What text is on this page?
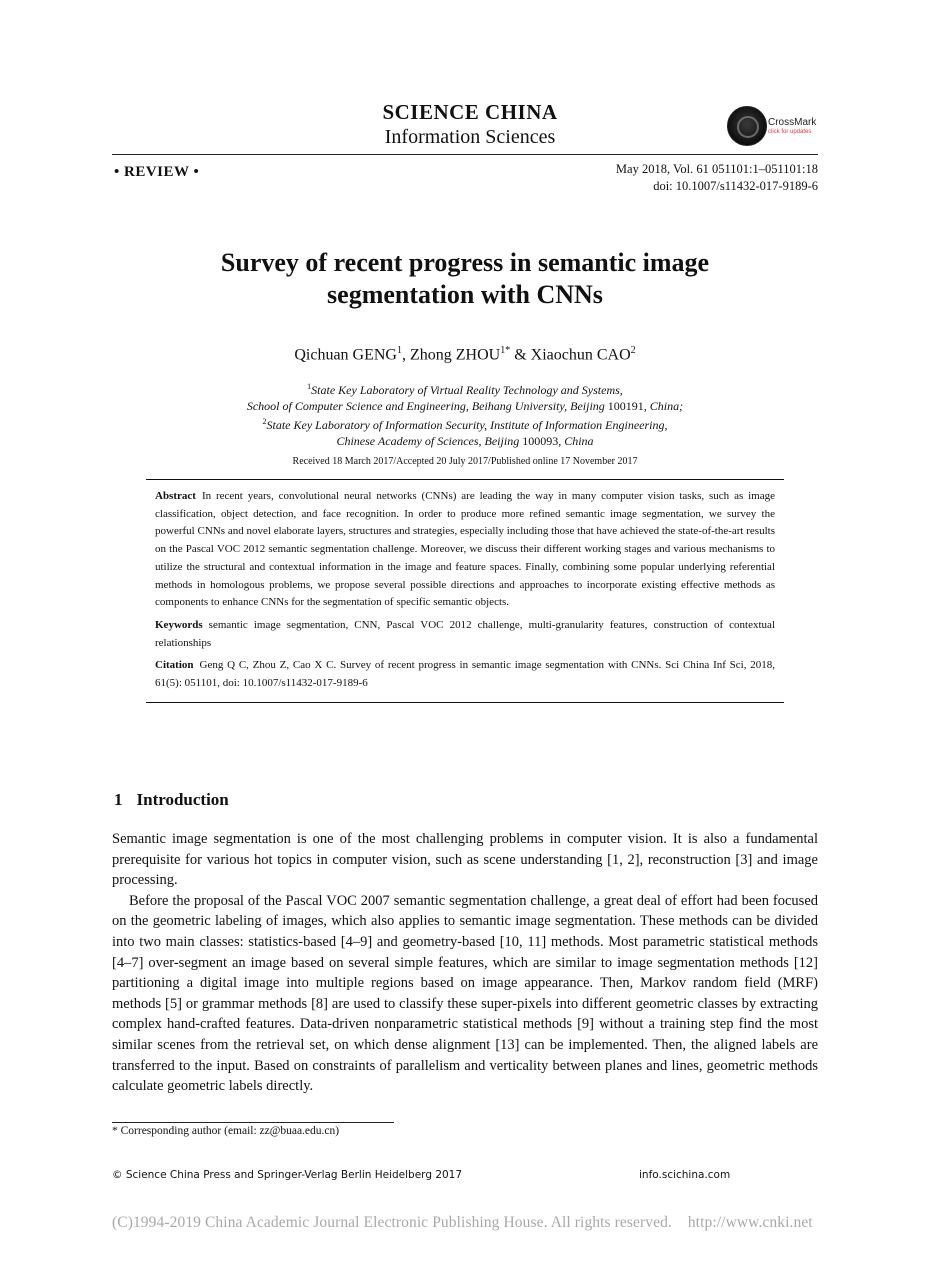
SCIENCE CHINA
Information Sciences
CrossMark
click for updates
• REVIEW •	May 2018, Vol. 61 051101:1–051101:18
doi: 10.1007/s11432-017-9189-6
Survey of recent progress in semantic image
segmentation with CNNs
Qichuan GENG$^1$, Zhong $ZHOU^{1*}$ & Xiaochun CAO$^2$
$^1$State Key Laboratory of Virtual Reality Technology and Systems,
School of Computer Science and Engineering, Beihang University, Beijing 100191, China;
$^2$State Key Laboratory of Information Security, Institute of Information Engineering,
Chinese Academy of Sciences, Beijing 100093, China
Received 18 March 2017/Accepted 20 July 2017/Published online 17 November 2017

Abstract In recent years, convolutional neural networks (CNNs) are leading the way in many computer vision tasks, such as image classification, object detection, and face recognition. In order to produce more refined semantic image segmentation, we survey the powerful CNNs and novel elaborate layers, structures and strategies, especially including those that have achieved the state-of-the-art results on the Pascal VOC 2012 semantic segmentation challenge. Moreover, we discuss their different working stages and various mechanisms to utilize the structural and contextual information in the image and feature spaces. Finally, combining some popular underlying referential methods in homologous problems, we propose several possible directions and approaches to incorporate existing effective methods as components to enhance CNNs for the segmentation of specific semantic objects.

Keywords semantic image segmentation, CNN, Pascal VOC 2012 challenge, multi-granularity features, construction of contextual relationships

Citation Geng Q C, Zhou Z, Cao X C. Survey of recent progress in semantic image segmentation with CNNs. Sci China Inf Sci, 2018, 61(5): 051101, doi: 10.1007/s11432-017-9189-6

1 Introduction

Semantic image segmentation is one of the most challenging problems in computer vision. It is also a fundamental prerequisite for various hot topics in computer vision, such as scene understanding [1, 2], reconstruction [3] and image processing.

Before the proposal of the Pascal VOC 2007 semantic segmentation challenge, a great deal of effort had been focused on the geometric labeling of images, which also applies to semantic image segmentation. These methods can be divided into two main classes: statistics-based [4–9] and geometry-based [10, 11] methods. Most parametric statistical methods [4–7] over-segment an image based on several simple features, which are similar to image segmentation methods [12] partitioning a digital image into multiple regions based on image appearance. Then, Markov random field (MRF) methods [5] or grammar methods [8] are used to classify these super-pixels into different geometric classes by extracting complex hand-crafted features. Data-driven nonparametric statistical methods [9] without a training step find the most similar scenes from the retrieval set, on which dense alignment [13] can be implemented. Then, the aligned labels are transferred to the input. Based on constraints of parallelism and verticality between planes and lines, geometric methods calculate geometric labels directly.

* Corresponding author (email: zz@buaa.edu.cn)
© Science China Press and Springer-Verlag Berlin Heidelberg 2017	info.scichina.com
(C)1994-2019 China Academic Journal Electronic Publishing House. All rights reserved.    http://www.cnki.net
